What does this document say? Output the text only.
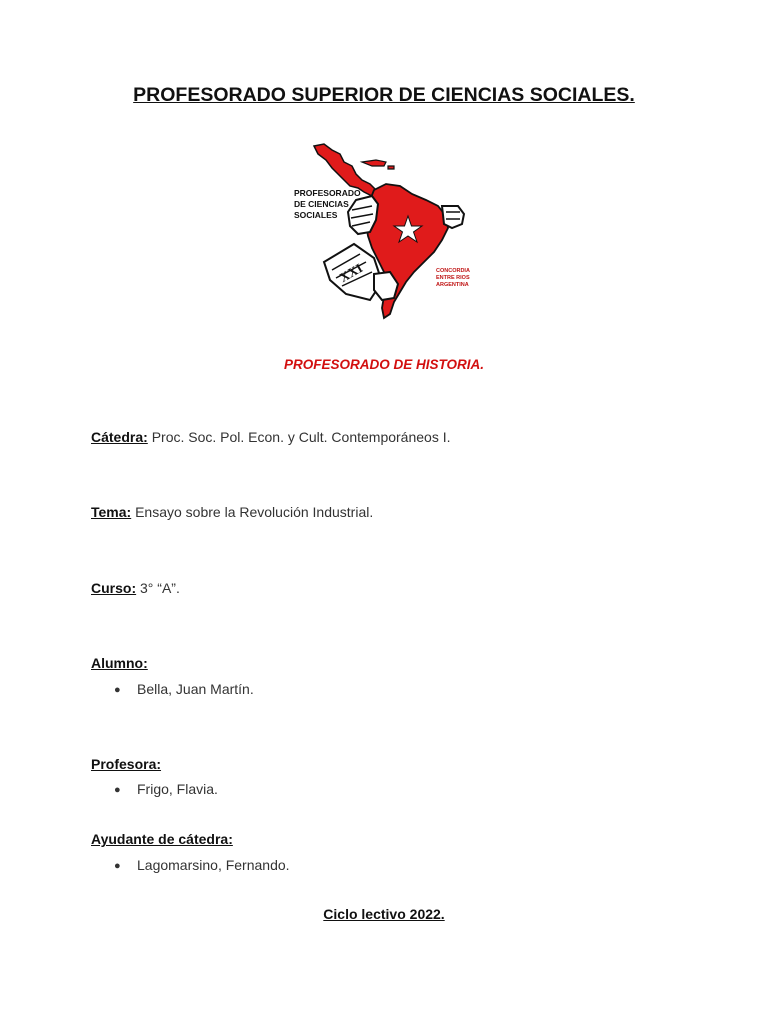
PROFESORADO SUPERIOR DE CIENCIAS SOCIALES.
PROFESORADO
DE CIENCIAS
SOCIALES
XXI	CONCORDIA
ENTRE RIOS
ARGENTINA
PROFESORADO DE HISTORIA.
Cátedra: Proc. Soc. Pol. Econ. y Cult. Contemporáneos I.
Tema: Ensayo sobre la Revolución Industrial.
Curso: 3° “A”.
Alumno:
● Bella, Juan Martín.
Profesora:
● Frigo, Flavia.
Ayudante de cátedra:
● Lagomarsino, Fernando.
Ciclo lectivo 2022.
